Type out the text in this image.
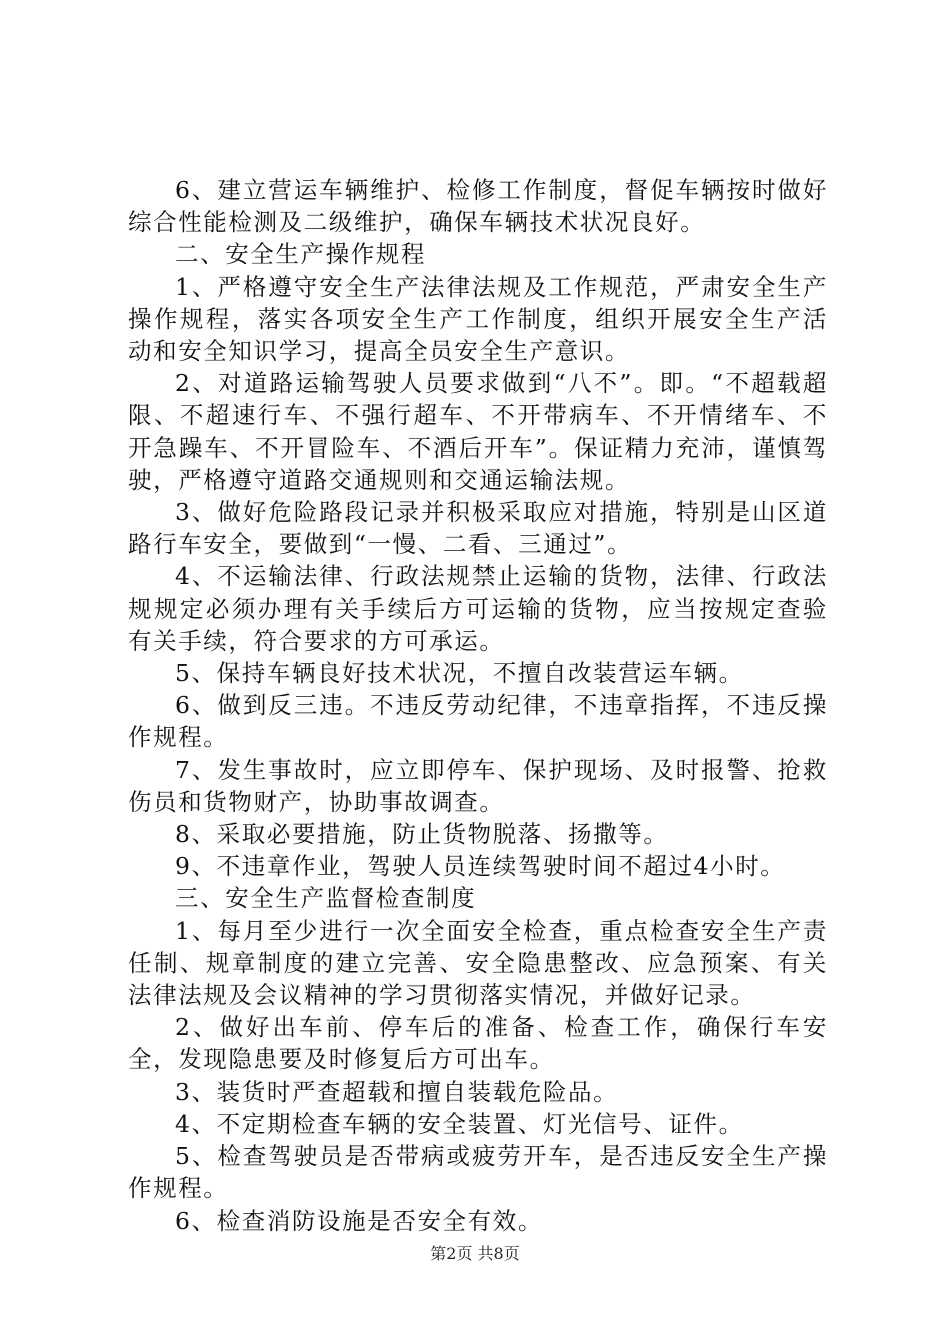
6、建立营运车辆维护、检修工作制度，督促车辆按时做好综合性能检测及二级维护，确保车辆技术状况良好。

二、安全生产操作规程

1、严格遵守安全生产法律法规及工作规范，严肃安全生产操作规程，落实各项安全生产工作制度，组织开展安全生产活动和安全知识学习，提高全员安全生产意识。

2、对道路运输驾驶人员要求做到“八不”。即。“不超载超限、不超速行车、不强行超车、不开带病车、不开情绪车、不开急躁车、不开冒险车、不酒后开车”。保证精力充沛，谨慎驾驶，严格遵守道路交通规则和交通运输法规。

3、做好危险路段记录并积极采取应对措施，特别是山区道路行车安全，要做到“一慢、二看、三通过”。

4、不运输法律、行政法规禁止运输的货物，法律、行政法规规定必须办理有关手续后方可运输的货物，应当按规定查验有关手续，符合要求的方可承运。

5、保持车辆良好技术状况，不擅自改装营运车辆。

6、做到反三违。不违反劳动纪律，不违章指挥，不违反操作规程。

7、发生事故时，应立即停车、保护现场、及时报警、抢救伤员和货物财产，协助事故调查。

8、采取必要措施，防止货物脱落、扬撒等。

9、不违章作业，驾驶人员连续驾驶时间不超过4小时。

三、安全生产监督检查制度

1、每月至少进行一次全面安全检查，重点检查安全生产责任制、规章制度的建立完善、安全隐患整改、应急预案、有关法律法规及会议精神的学习贯彻落实情况，并做好记录。

2、做好出车前、停车后的准备、检查工作，确保行车安全，发现隐患要及时修复后方可出车。

3、装货时严查超载和擅自装载危险品。

4、不定期检查车辆的安全装置、灯光信号、证件。

5、检查驾驶员是否带病或疲劳开车，是否违反安全生产操作规程。

6、检查消防设施是否安全有效。

第2页 共8页
